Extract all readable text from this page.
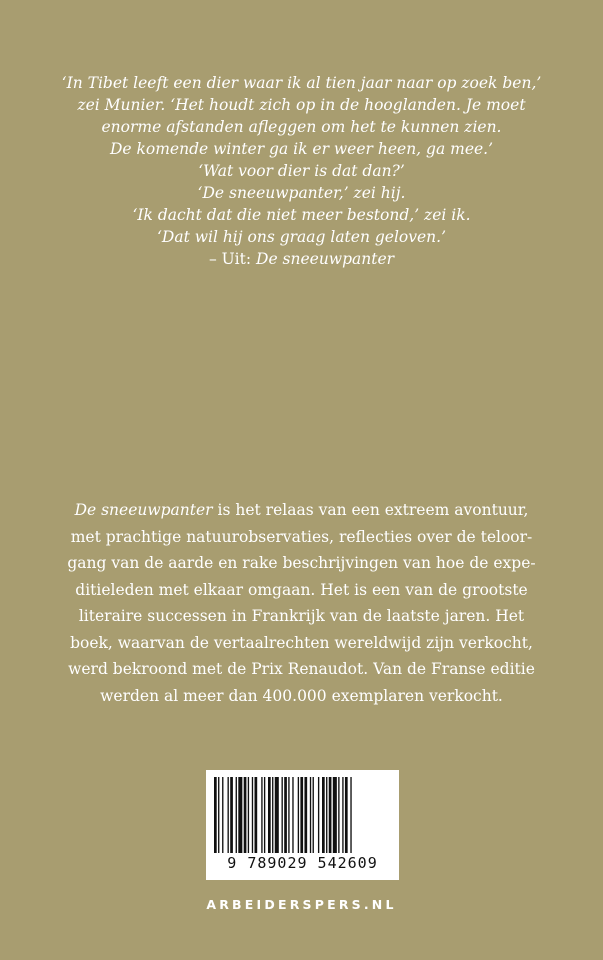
‘In Tibet leeft een dier waar ik al tien jaar naar op zoek ben,’
zei Munier. ‘Het houdt zich op in de hooglanden. Je moet
enorme afstanden afleggen om het te kunnen zien.
De komende winter ga ik er weer heen, ga mee.’

‘Wat voor dier is dat dan?’

‘De sneeuwpanter,’ zei hij.

‘Ik dacht dat die niet meer bestond,’ zei ik.

‘Dat wil hij ons graag laten geloven.’

– Uit: De sneeuwpanter

De sneeuwpanter is het relaas van een extreem avontuur,
met prachtige natuurobservaties, reflecties over de teloor-
gang van de aarde en rake beschrijvingen van hoe de expe-
ditieleden met elkaar omgaan. Het is een van de grootste
literaire successen in Frankrijk van de laatste jaren. Het
boek, waarvan de vertaalrechten wereldwijd zijn verkocht,
werd bekroond met de Prix Renaudot. Van de Franse editie
werden al meer dan 400.000 exemplaren verkocht.
9 789029 542609
ARBEIDERSPERS.NL
